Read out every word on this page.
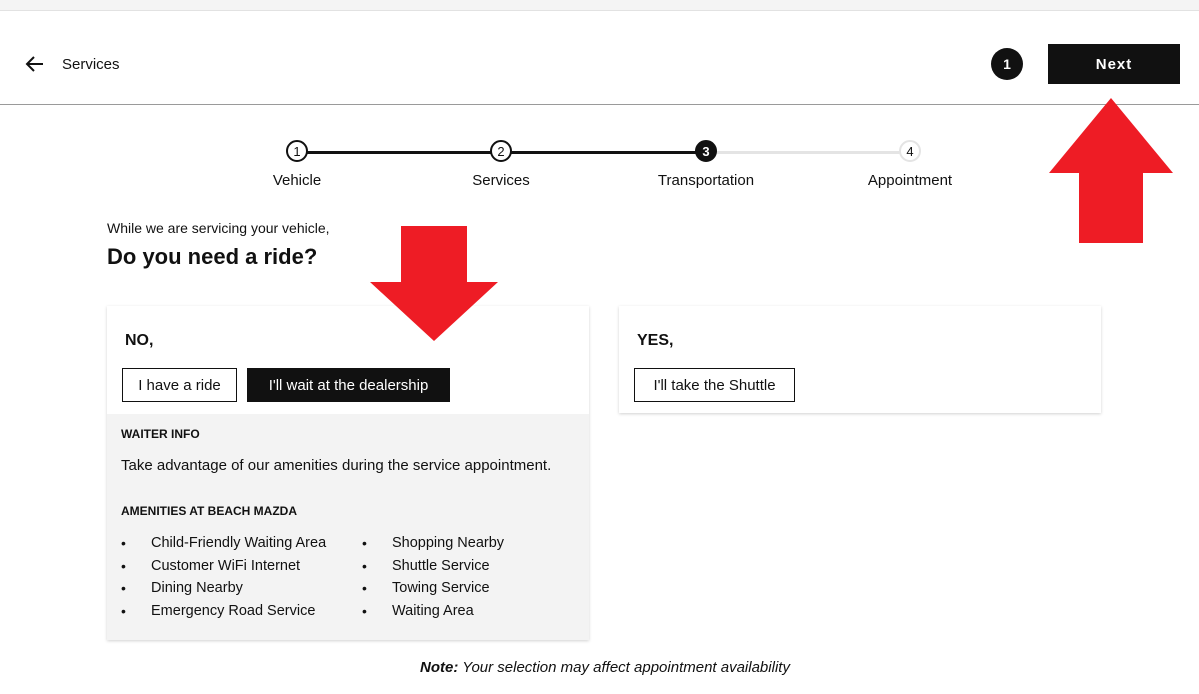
Services	1	Next
1	2	3	4
Vehicle	Services	Transportation	Appointment
While we are servicing your vehicle,
Do you need a ride?
NO,
I have a ride	I'll wait at the dealership
WAITER INFO
Take advantage of our amenities during the service appointment.
AMENITIES AT BEACH MAZDA
• Child-Friendly Waiting Area
• Customer WiFi Internet
• Dining Nearby
• Emergency Road Service
• Shopping Nearby
• Shuttle Service
• Towing Service
• Waiting Area
YES,
I'll take the Shuttle
Note: Your selection may affect appointment availability
